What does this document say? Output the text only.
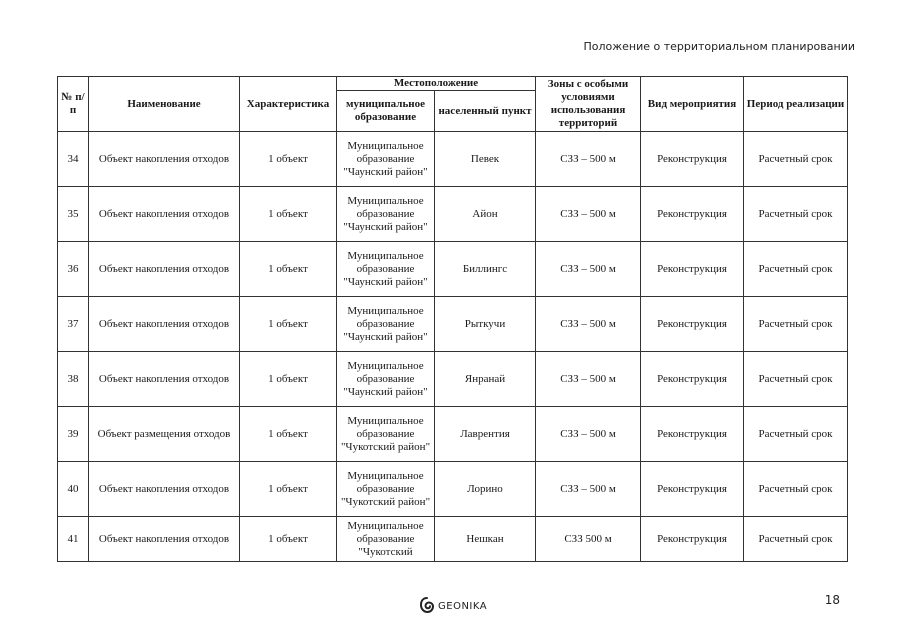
Положение о территориальном планировании
№ п/п	Наименование	Характеристика	Местоположение		Зоны с особыми условиями использования территорий	Вид мероприятия	Период реализации
			муниципальное образование	населенный пункт			
34	Объект накопления отходов	1 объект	Муниципальное образование "Чаунский район"	Певек	СЗЗ – 500 м	Реконструкция	Расчетный срок
35	Объект накопления отходов	1 объект	Муниципальное образование "Чаунский район"	Айон	СЗЗ – 500 м	Реконструкция	Расчетный срок
36	Объект накопления отходов	1 объект	Муниципальное образование "Чаунский район"	Биллингс	СЗЗ – 500 м	Реконструкция	Расчетный срок
37	Объект накопления отходов	1 объект	Муниципальное образование "Чаунский район"	Рыткучи	СЗЗ – 500 м	Реконструкция	Расчетный срок
38	Объект накопления отходов	1 объект	Муниципальное образование "Чаунский район"	Янранай	СЗЗ – 500 м	Реконструкция	Расчетный срок
39	Объект размещения отходов	1 объект	Муниципальное образование "Чукотский район"	Лаврентия	СЗЗ – 500 м	Реконструкция	Расчетный срок
40	Объект накопления отходов	1 объект	Муниципальное образование "Чукотский район"	Лорино	СЗЗ – 500 м	Реконструкция	Расчетный срок
41	Объект накопления отходов	1 объект	Муниципальное образование "Чукотский	Нешкан	СЗЗ 500 м	Реконструкция	Расчетный срок
GEONIKA	18
